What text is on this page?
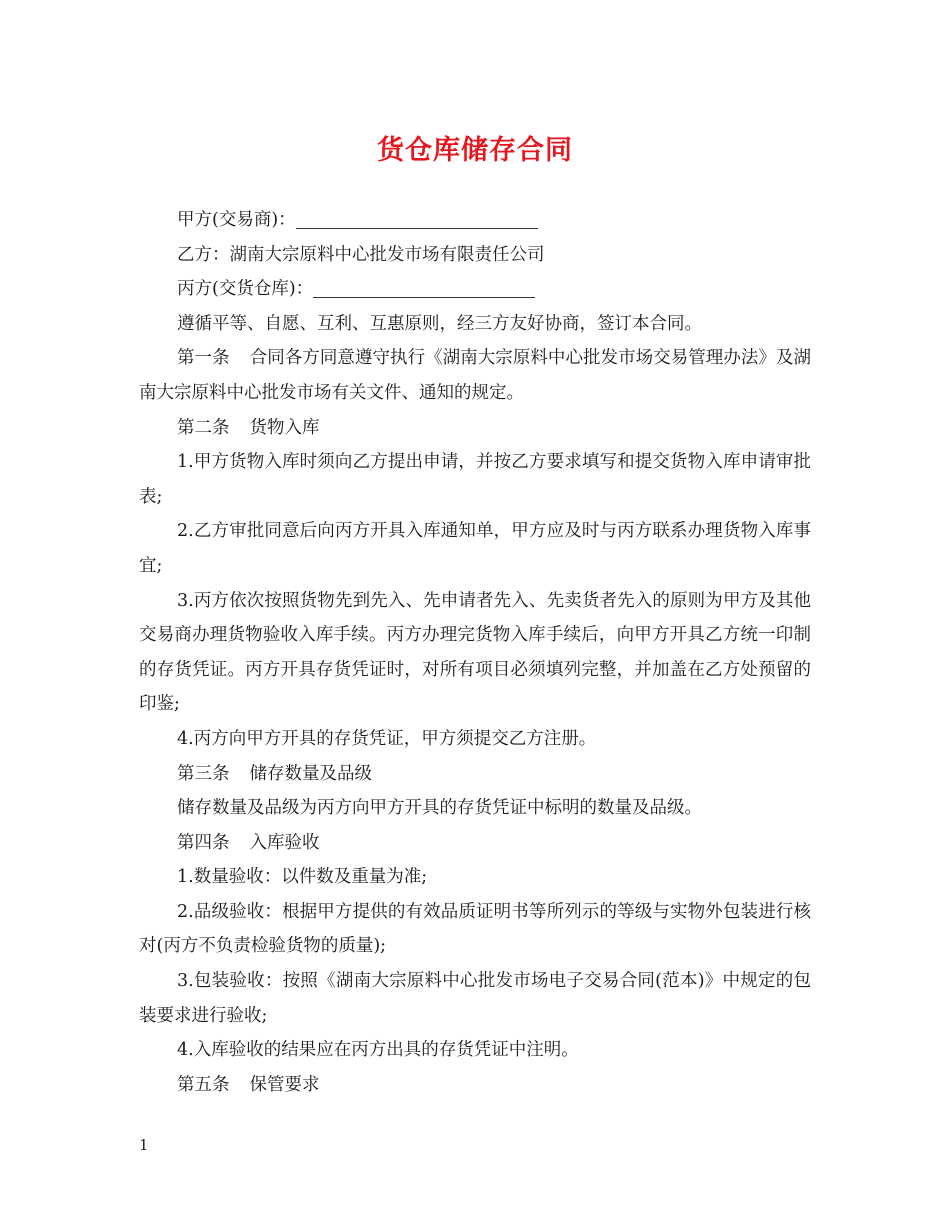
货仓库储存合同

甲方(交易商)：

乙方：湖南大宗原料中心批发市场有限责任公司

丙方(交货仓库)：

遵循平等、自愿、互利、互惠原则，经三方友好协商，签订本合同。

第一条 合同各方同意遵守执行《湖南大宗原料中心批发市场交易管理办法》及湖南大宗原料中心批发市场有关文件、通知的规定。

第二条 货物入库

1.甲方货物入库时须向乙方提出申请，并按乙方要求填写和提交货物入库申请审批表;

2.乙方审批同意后向丙方开具入库通知单，甲方应及时与丙方联系办理货物入库事宜;

3.丙方依次按照货物先到先入、先申请者先入、先卖货者先入的原则为甲方及其他交易商办理货物验收入库手续。丙方办理完货物入库手续后，向甲方开具乙方统一印制的存货凭证。丙方开具存货凭证时，对所有项目必须填列完整，并加盖在乙方处预留的印鉴;

4.丙方向甲方开具的存货凭证，甲方须提交乙方注册。

第三条 储存数量及品级

储存数量及品级为丙方向甲方开具的存货凭证中标明的数量及品级。

第四条 入库验收

1.数量验收：以件数及重量为准;

2.品级验收：根据甲方提供的有效品质证明书等所列示的等级与实物外包装进行核对(丙方不负责检验货物的质量);

3.包装验收：按照《湖南大宗原料中心批发市场电子交易合同(范本)》中规定的包装要求进行验收;

4.入库验收的结果应在丙方出具的存货凭证中注明。

第五条 保管要求

1
